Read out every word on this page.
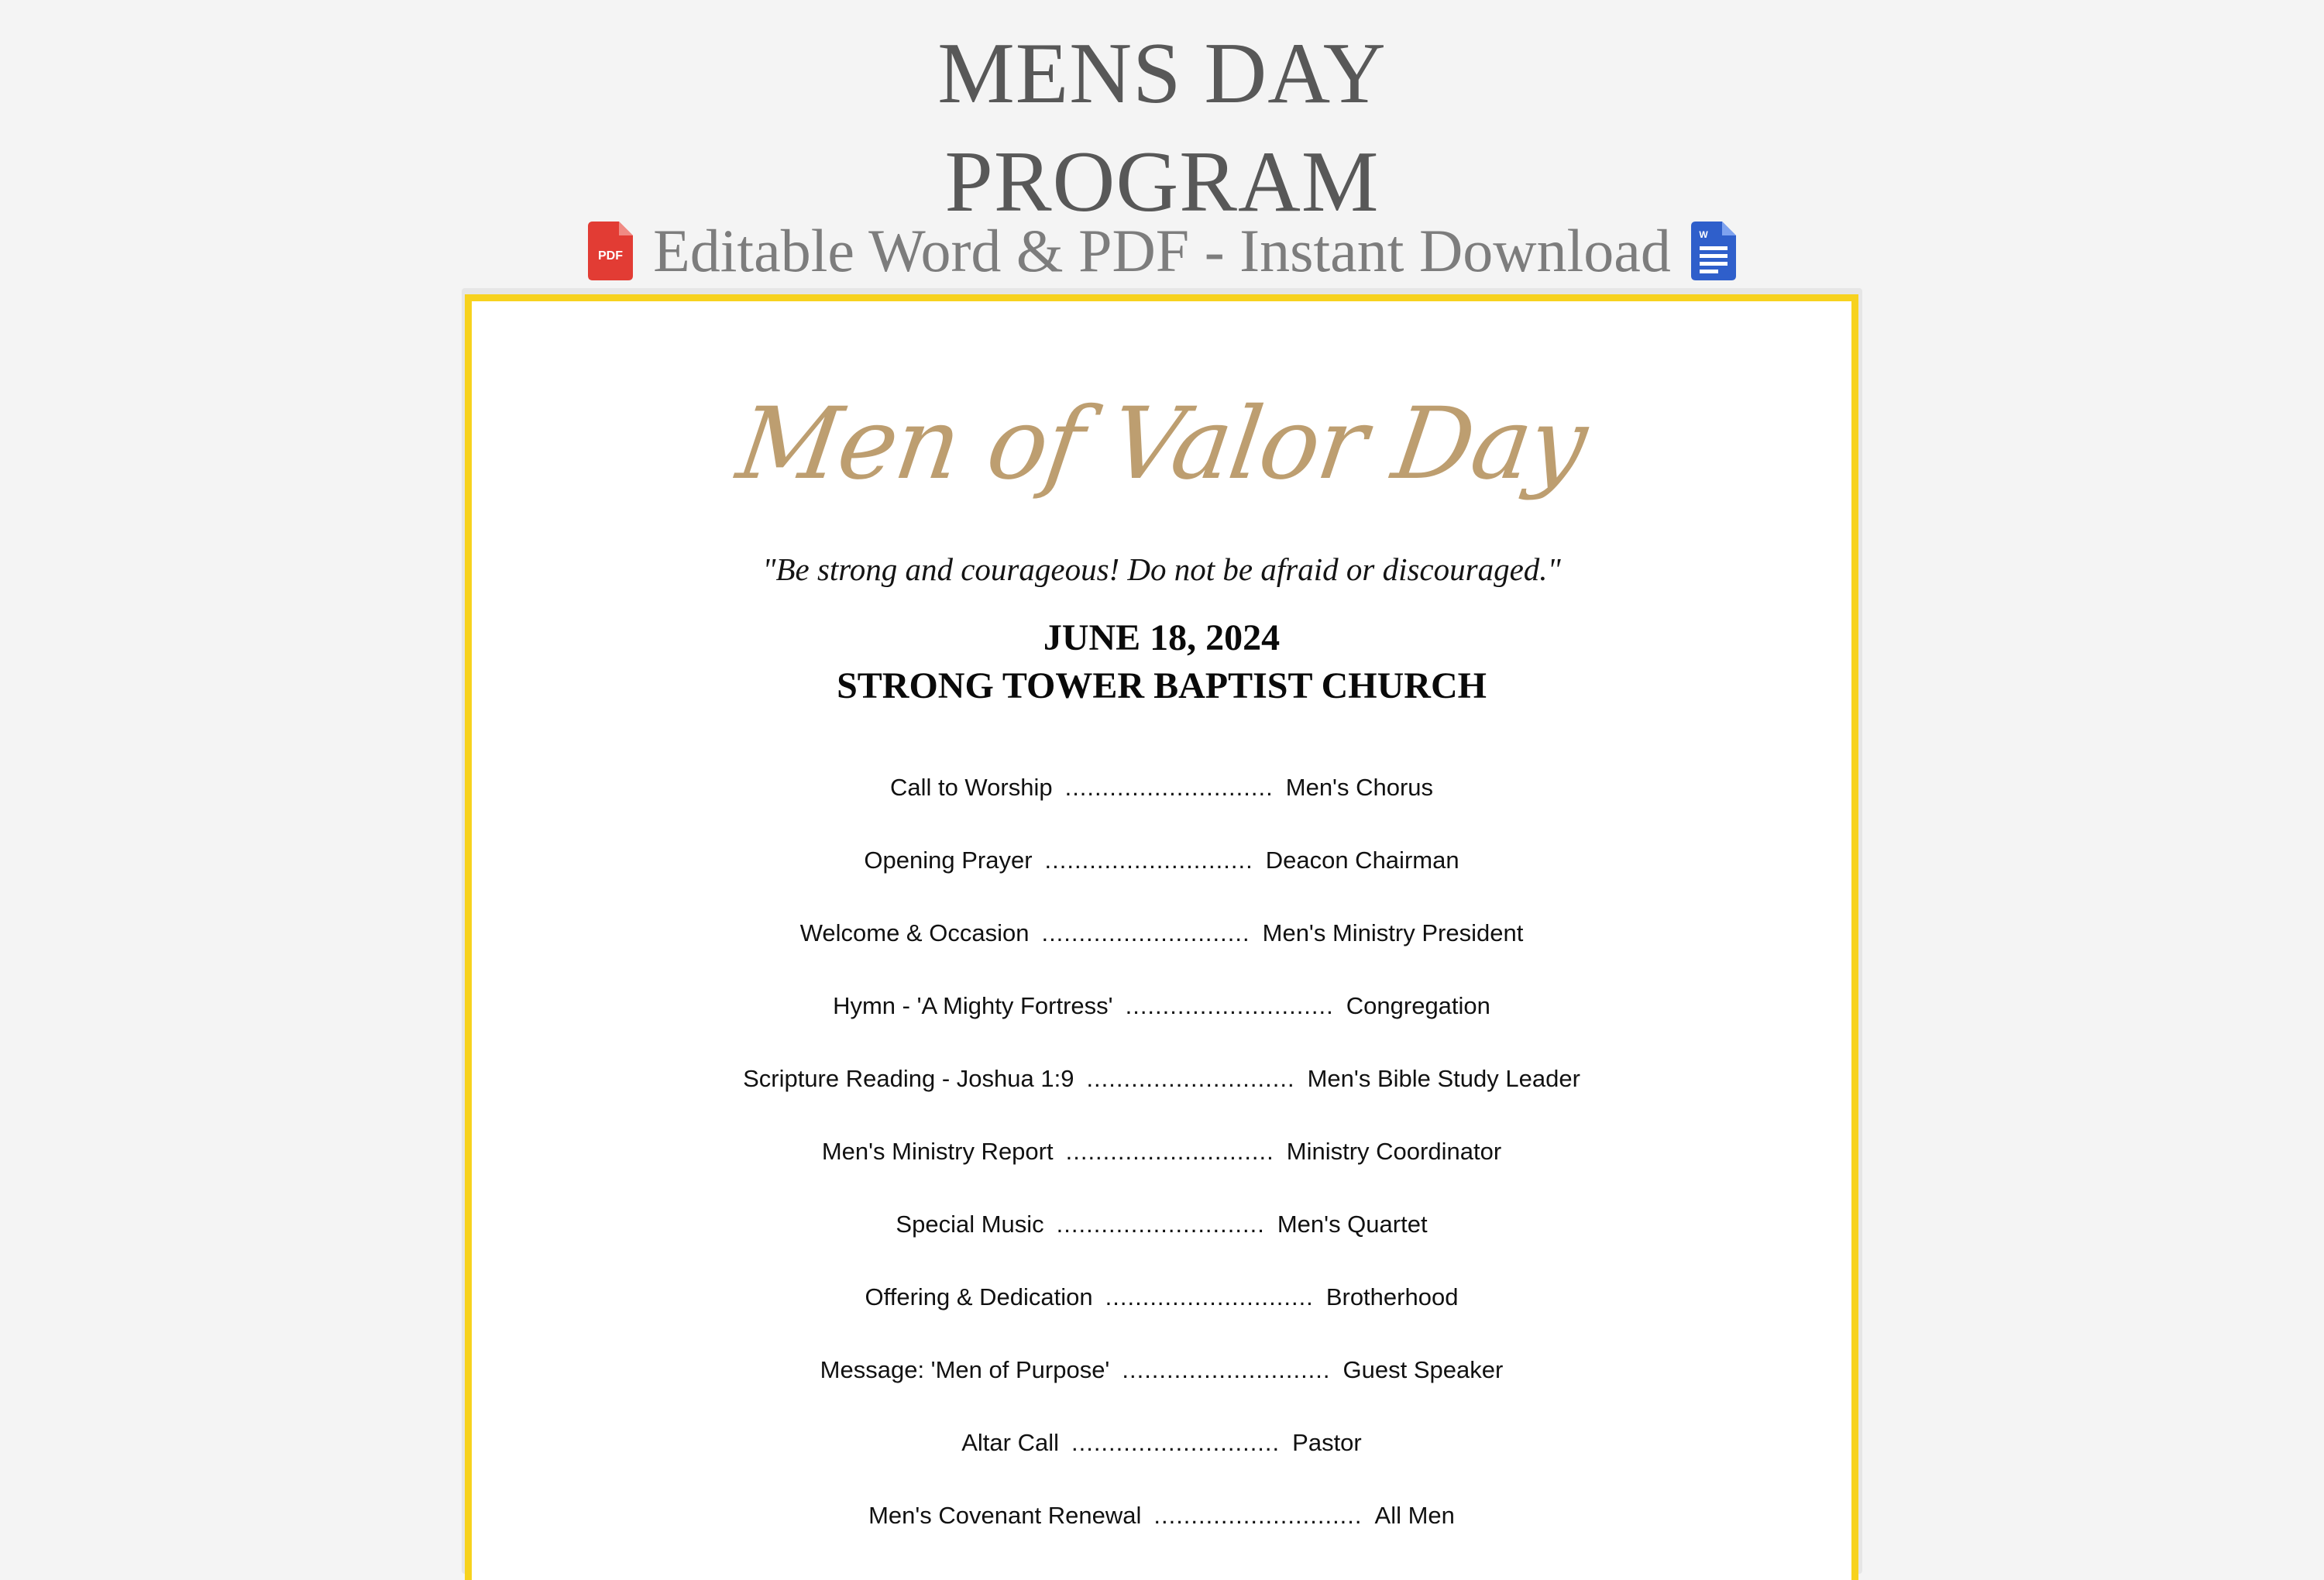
MENS DAY
PROGRAM
PDF Editable Word & PDF - Instant Download	W
Men of Valor Day
"Be strong and courageous! Do not be afraid or discouraged."
JUNE 18, 2024
STRONG TOWER BAPTIST CHURCH
Call to Worship ............................ Men's Chorus
Opening Prayer ............................ Deacon Chairman
Welcome & Occasion ............................ Men's Ministry President
Hymn - 'A Mighty Fortress' ............................ Congregation
Scripture Reading - Joshua 1:9 ............................ Men's Bible Study Leader
Men's Ministry Report ............................ Ministry Coordinator
Special Music ............................ Men's Quartet
Offering & Dedication ............................ Brotherhood
Message: 'Men of Purpose' ............................ Guest Speaker
Altar Call ............................ Pastor
Men's Covenant Renewal ............................ All Men
